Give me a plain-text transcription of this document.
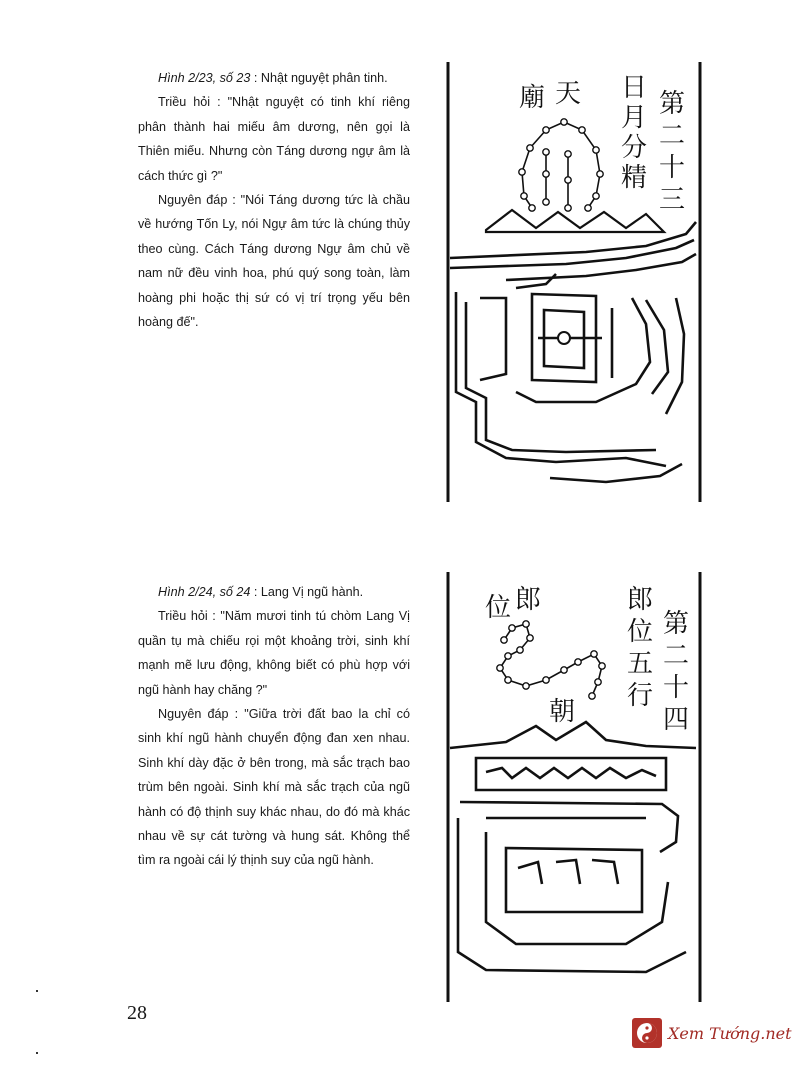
Hình 2/23, số 23 : Nhật nguyệt phân tinh.

Triều hỏi : "Nhật nguyệt có tinh khí riêng phân thành hai miếu âm dương, nên gọi là Thiên miếu. Nhưng còn Táng dương ngự âm là cách thức gì ?"

Nguyên đáp : "Nói Táng dương tức là chầu về hướng Tốn Ly, nói Ngự âm tức là chúng thủy theo cùng. Cách Táng dương Ngự âm chủ về nam nữ đều vinh hoa, phú quý song toàn, làm hoàng phi hoặc thị sứ có vị trí trọng yếu bên hoàng đế".

第
二
十
三
日
月
分
精
天
廟

Hình 2/24, số 24 : Lang Vị ngũ hành.

Triều hỏi : "Năm mươi tinh tú chòm Lang Vị quần tụ mà chiếu rọi một khoảng trời, sinh khí mạnh mẽ lưu động, không biết có phù hợp với ngũ hành hay chăng ?"

Nguyên đáp : "Giữa trời đất bao la chỉ có sinh khí ngũ hành chuyển động đan xen nhau. Sinh khí dày đặc ở bên trong, mà sắc trạch bao trùm bên ngoài. Sinh khí mà sắc trạch của ngũ hành có độ thịnh suy khác nhau, do đó mà khác nhau về sự cát tường và hung sát. Không thể tìm ra ngoài cái lý thịnh suy của ngũ hành.

第
二
十
四
郎
位
五
行
郎
位
朝
28
Xem Tướng.net
